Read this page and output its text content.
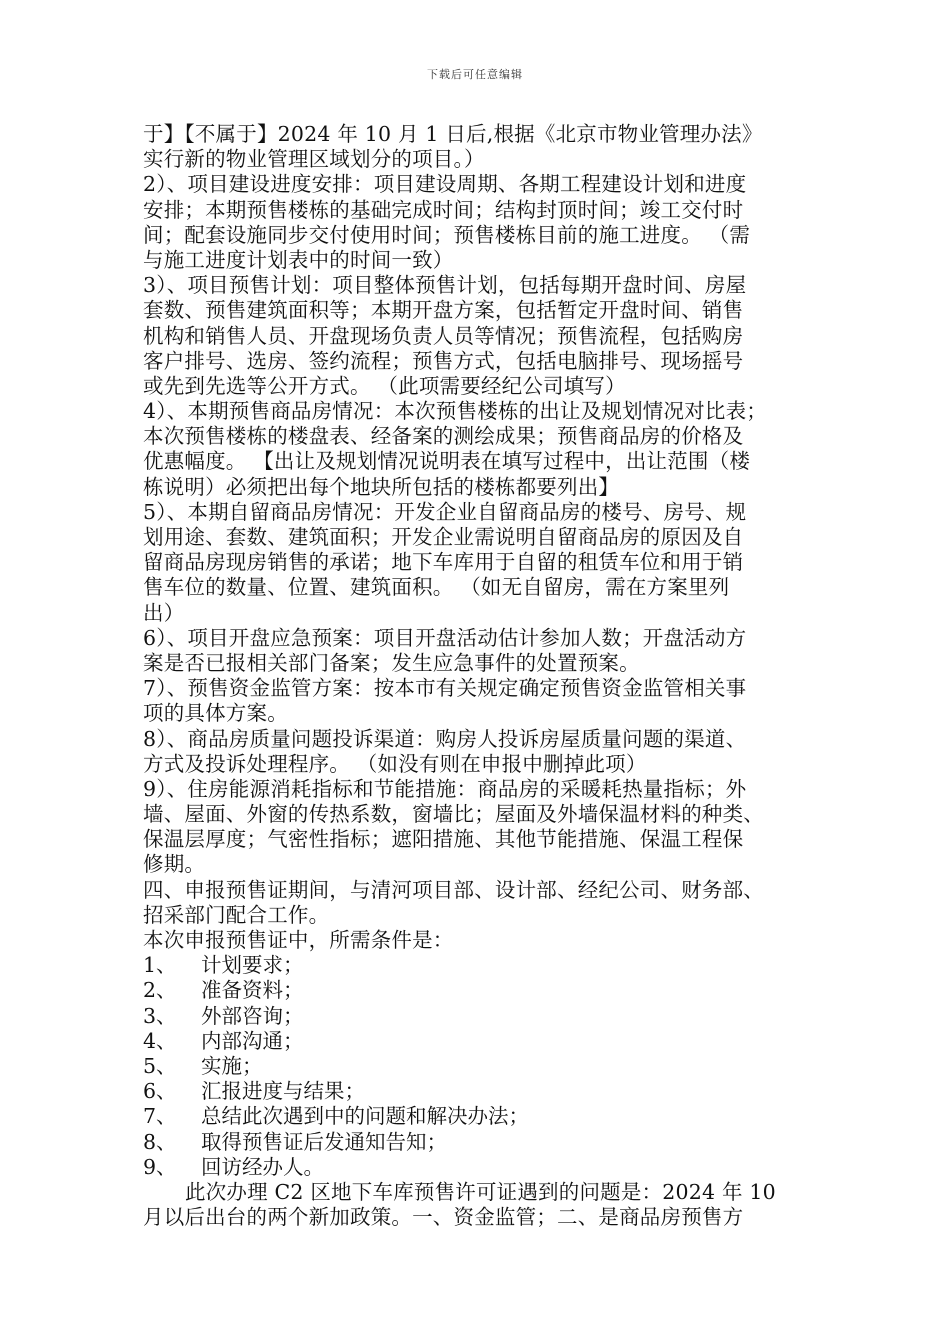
下载后可任意编辑
于】【不属于】2024 年 10 月 1 日后,根据《北京市物业管理办法》
实行新的物业管理区域划分的项目。）
2）、项目建设进度安排：项目建设周期、各期工程建设计划和进度
安排；本期预售楼栋的基础完成时间；结构封顶时间；竣工交付时
间；配套设施同步交付使用时间；预售楼栋目前的施工进度。 （需
与施工进度计划表中的时间一致）
3）、项目预售计划：项目整体预售计划，包括每期开盘时间、房屋
套数、预售建筑面积等；本期开盘方案，包括暂定开盘时间、销售
机构和销售人员、开盘现场负责人员等情况；预售流程，包括购房
客户排号、选房、签约流程；预售方式，包括电脑排号、现场摇号
或先到先选等公开方式。 （此项需要经纪公司填写）
4）、本期预售商品房情况：本次预售楼栋的出让及规划情况对比表；
本次预售楼栋的楼盘表、经备案的测绘成果；预售商品房的价格及
优惠幅度。 【出让及规划情况说明表在填写过程中，出让范围（楼
栋说明）必须把出每个地块所包括的楼栋都要列出】
5）、本期自留商品房情况：开发企业自留商品房的楼号、房号、规
划用途、套数、建筑面积；开发企业需说明自留商品房的原因及自
留商品房现房销售的承诺；地下车库用于自留的租赁车位和用于销
售车位的数量、位置、建筑面积。 （如无自留房，需在方案里列
出）
6）、项目开盘应急预案：项目开盘活动估计参加人数；开盘活动方
案是否已报相关部门备案；发生应急事件的处置预案。
7）、预售资金监管方案：按本市有关规定确定预售资金监管相关事
项的具体方案。
8）、商品房质量问题投诉渠道：购房人投诉房屋质量问题的渠道、
方式及投诉处理程序。 （如没有则在申报中删掉此项）
9）、住房能源消耗指标和节能措施：商品房的采暖耗热量指标；外
墙、屋面、外窗的传热系数，窗墙比；屋面及外墙保温材料的种类、
保温层厚度；气密性指标；遮阳措施、其他节能措施、保温工程保
修期。
四、申报预售证期间，与清河项目部、设计部、经纪公司、财务部、
招采部门配合工作。
本次申报预售证中，所需条件是：
1、	计划要求；
2、	准备资料；
3、	外部咨询；
4、	内部沟通；
5、	实施；
6、	汇报进度与结果；
7、	总结此次遇到中的问题和解决办法；
8、	取得预售证后发通知告知；
9、	回访经办人。
此次办理 C2 区地下车库预售许可证遇到的问题是：2024 年 10
月以后出台的两个新加政策。一、资金监管；二、是商品房预售方
